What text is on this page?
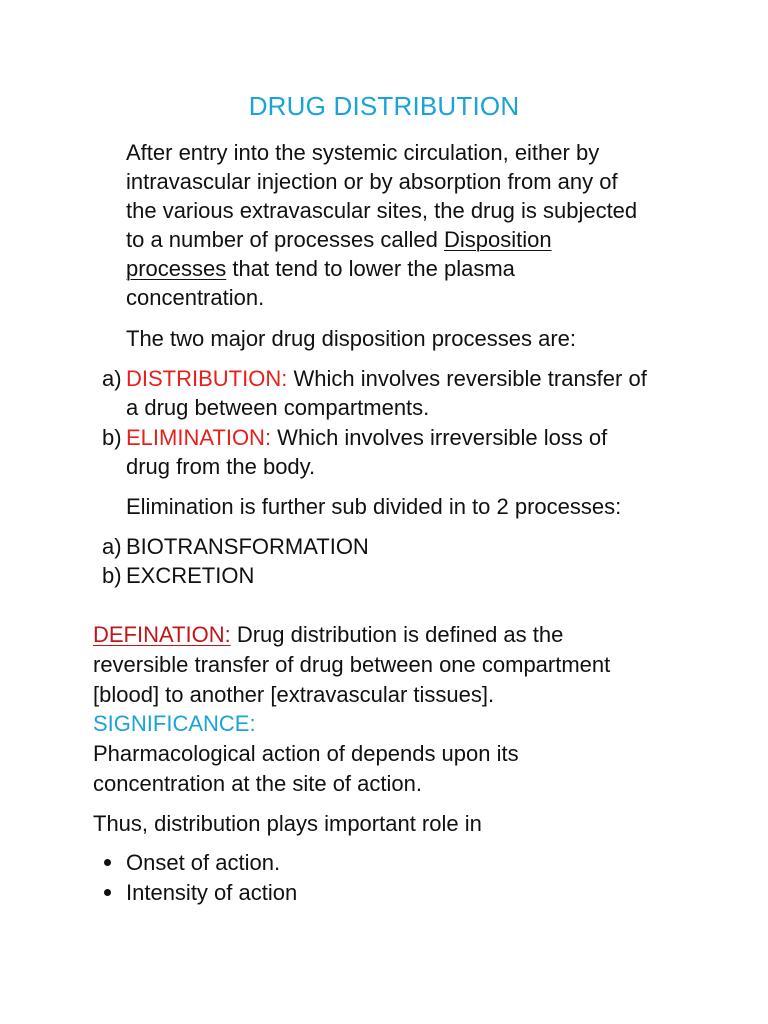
DRUG DISTRIBUTION
After entry into the systemic circulation, either by
intravascular injection or by absorption from any of
the various extravascular sites, the drug is subjected
to a number of processes called Disposition
processes that tend to lower the plasma
concentration.
The two major drug disposition processes are:
a) DISTRIBUTION: Which involves reversible transfer of
a drug between compartments.
b) ELIMINATION: Which involves irreversible loss of
drug from the body.
Elimination is further sub divided in to 2 processes:
a) BIOTRANSFORMATION
b) EXCRETION
DEFINATION: Drug distribution is defined as the
reversible transfer of drug between one compartment
[blood] to another [extravascular tissues].
SIGNIFICANCE:
Pharmacological action of depends upon its
concentration at the site of action.
Thus, distribution plays important role in
Onset of action.
Intensity of action
